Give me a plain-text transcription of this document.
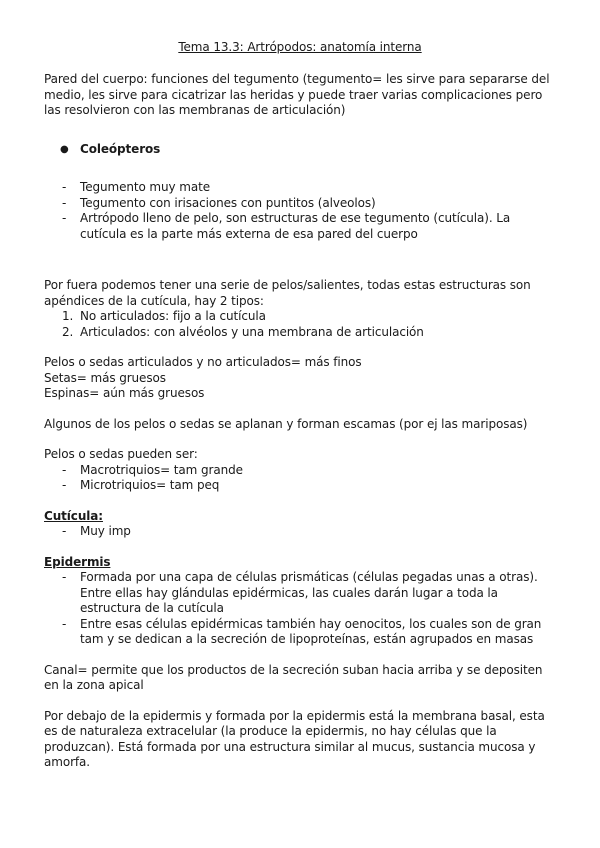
Tema 13.3: Artrópodos: anatomía interna

Pared del cuerpo: funciones del tegumento (tegumento= les sirve para separarse del medio, les sirve para cicatrizar las heridas y puede traer varias complicaciones pero las resolvieron con las membranas de articulación)

● Coleópteros
-	Tegumento muy mate
-	Tegumento con irisaciones con puntitos (alveolos)
-	Artrópodo lleno de pelo, son estructuras de ese tegumento (cutícula). La cutícula es la parte más externa de esa pared del cuerpo

Por fuera podemos tener una serie de pelos/salientes, todas estas estructuras son apéndices de la cutícula, hay 2 tipos:

1. No articulados: fijo a la cutícula
2. Articulados: con alvéolos y una membrana de articulación

Pelos o sedas articulados y no articulados= más finos

Setas= más gruesos

Espinas= aún más gruesos

Algunos de los pelos o sedas se aplanan y forman escamas (por ej las mariposas)

Pelos o sedas pueden ser:

-	Macrotriquios= tam grande
-	Microtriquios= tam peq

Cutícula:

-	Muy imp

Epidermis

-	Formada por una capa de células prismáticas (células pegadas unas a otras). Entre ellas hay glándulas epidérmicas, las cuales darán lugar a toda la estructura de la cutícula
-	Entre esas células epidérmicas también hay oenocitos, los cuales son de gran tam y se dedican a la secreción de lipoproteínas, están agrupados en masas

Canal= permite que los productos de la secreción suban hacia arriba y se depositen en la zona apical

Por debajo de la epidermis y formada por la epidermis está la membrana basal, esta es de naturaleza extracelular (la produce la epidermis, no hay células que la produzcan). Está formada por una estructura similar al mucus, sustancia mucosa y amorfa.
